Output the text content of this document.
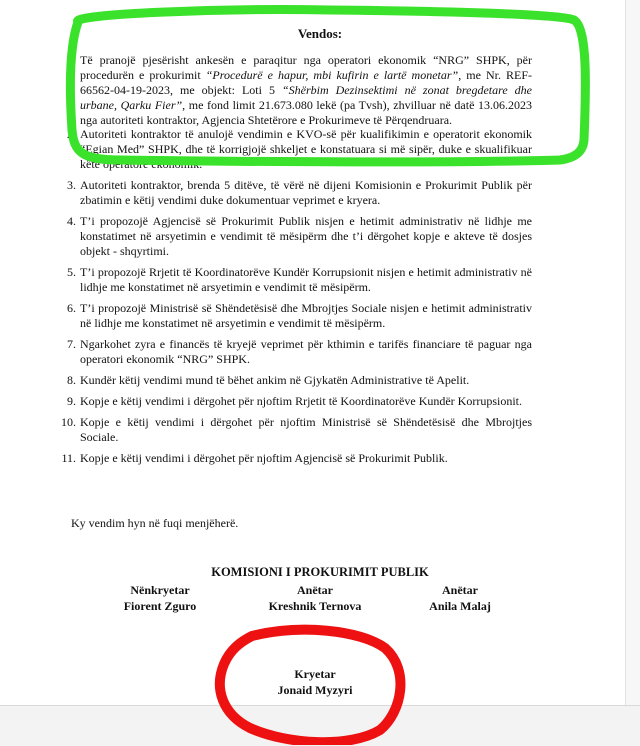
Vendos:
1. Të pranojë pjesërisht ankesën e paraqitur nga operatori ekonomik “NRG” SHPK, për procedurën e prokurimit “Procedurë e hapur, mbi kufirin e lartë monetar”, me Nr. REF-66562-04-19-2023, me objekt: Loti 5 “Shërbim Dezinsektimi në zonat bregdetare dhe urbane, Qarku Fier”, me fond limit 21.673.080 lekë (pa Tvsh), zhvilluar në datë 13.06.2023 nga autoriteti kontraktor, Agjencia Shtetërore e Prokurimeve të Përqendruara.
2. Autoriteti kontraktor të anulojë vendimin e KVO-së për kualifikimin e operatorit ekonomik “Egian Med” SHPK, dhe të korrigjojë shkeljet e konstatuara si më sipër, duke e skualifikuar këtë operatorë ekonomik.
3. Autoriteti kontraktor, brenda 5 ditëve, të vërë në dijeni Komisionin e Prokurimit Publik për zbatimin e këtij vendimi duke dokumentuar veprimet e kryera.
4. T’i propozojë Agjencisë së Prokurimit Publik nisjen e hetimit administrativ në lidhje me konstatimet në arsyetimin e vendimit të mësipërm dhe t’i dërgohet kopje e akteve të dosjes objekt - shqyrtimi.
5. T’i propozojë Rrjetit të Koordinatorëve Kundër Korrupsionit nisjen e hetimit administrativ në lidhje me konstatimet në arsyetimin e vendimit të mësipërm.
6. T’i propozojë Ministrisë së Shëndetësisë dhe Mbrojtjes Sociale nisjen e hetimit administrativ në lidhje me konstatimet në arsyetimin e vendimit të mësipërm.
7. Ngarkohet zyra e financës të kryejë veprimet për kthimin e tarifës financiare të paguar nga operatori ekonomik “NRG” SHPK.
8. Kundër këtij vendimi mund të bëhet ankim në Gjykatën Administrative të Apelit.
9. Kopje e këtij vendimi i dërgohet për njoftim Rrjetit të Koordinatorëve Kundër Korrupsionit.
10. Kopje e këtij vendimi i dërgohet për njoftim Ministrisë së Shëndetësisë dhe Mbrojtjes Sociale.
11. Kopje e këtij vendimi i dërgohet për njoftim Agjencisë së Prokurimit Publik.
Ky vendim hyn në fuqi menjëherë.
KOMISIONI I PROKURIMIT PUBLIK
Nënkryetar
Fiorent Zguro
Anëtar
Kreshnik Ternova
Anëtar
Anila Malaj
Kryetar
Jonaid Myzyri
